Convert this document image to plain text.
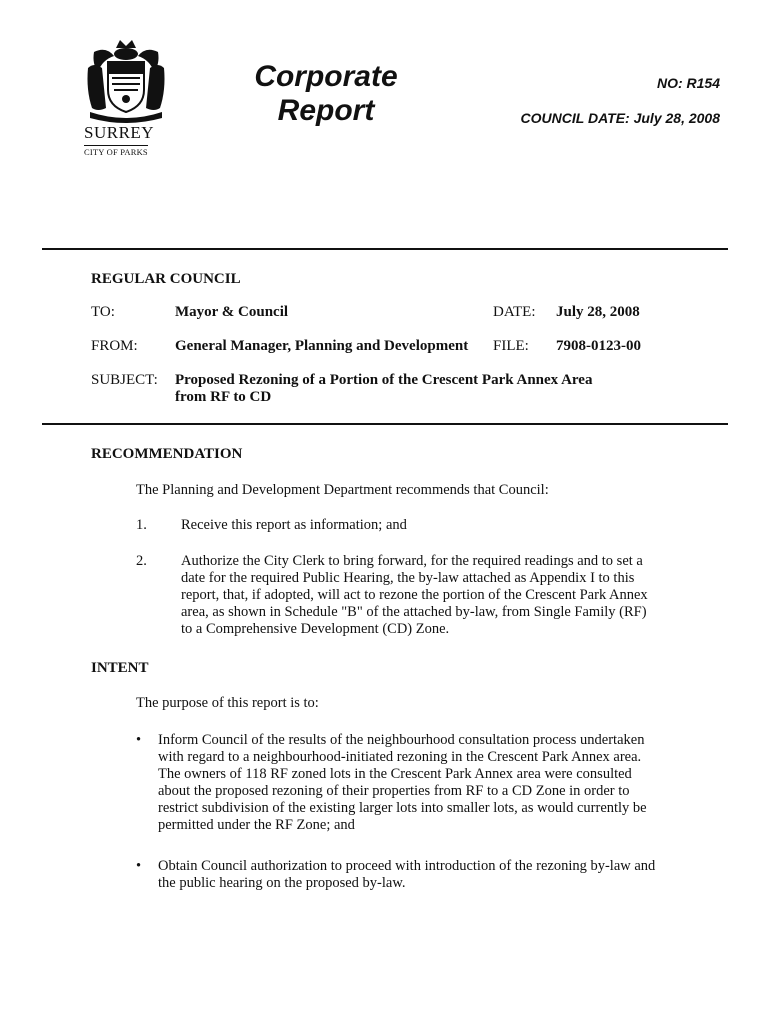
SURREY
CITY OF PARKS
Corporate
Report
NO: R154
COUNCIL DATE: July 28, 2008
REGULAR COUNCIL
TO:	Mayor & Council	DATE: July 28, 2008
FROM: General Manager, Planning and Development FILE: 7908-0123-00
SUBJECT: Proposed Rezoning of a Portion of the Crescent Park Annex Area
from RF to CD
RECOMMENDATION
The Planning and Development Department recommends that Council:
1. Receive this report as information; and
2. Authorize the City Clerk to bring forward, for the required readings and to set a
date for the required Public Hearing, the by-law attached as Appendix I to this
report, that, if adopted, will act to rezone the portion of the Crescent Park Annex
area, as shown in Schedule "B" of the attached by-law, from Single Family (RF)
to a Comprehensive Development (CD) Zone.
INTENT
The purpose of this report is to:
• Inform Council of the results of the neighbourhood consultation process undertaken
with regard to a neighbourhood-initiated rezoning in the Crescent Park Annex area.
The owners of 118 RF zoned lots in the Crescent Park Annex area were consulted
about the proposed rezoning of their properties from RF to a CD Zone in order to
restrict subdivision of the existing larger lots into smaller lots, as would currently be
permitted under the RF Zone; and
• Obtain Council authorization to proceed with introduction of the rezoning by-law and
the public hearing on the proposed by-law.
